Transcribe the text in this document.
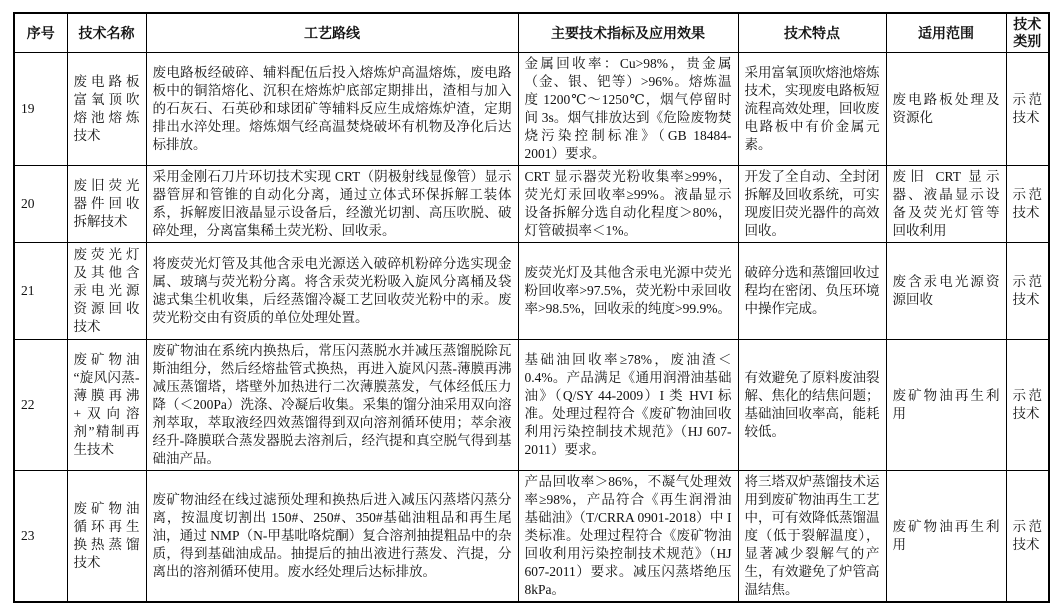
序号	技术名称	工艺路线	主要技术指标及应用效果	技术特点	适用范围	技术类别
19	废电路板富氧顶吹熔池熔炼技术	废电路板经破碎、辅料配伍后投入熔炼炉高温熔炼，废电路板中的铜箔熔化、沉积在熔炼炉底部定期排出，渣相与加入的石灰石、石英砂和球团矿等辅料反应生成熔炼炉渣，定期排出水淬处理。熔炼烟气经高温焚烧破坏有机物及净化后达标排放。	金属回收率：Cu>98%，贵金属（金、银、钯等）>96%。熔炼温度 1200℃～1250℃，烟气停留时间 3s。烟气排放达到《危险废物焚烧污染控制标准》（GB 18484-2001）要求。	采用富氧顶吹熔池熔炼技术，实现废电路板短流程高效处理，回收废电路板中有价金属元素。	废电路板处理及资源化	示范技术
20	废旧荧光器件回收拆解技术	采用金刚石刀片环切技术实现 CRT（阴极射线显像管）显示器管屏和管锥的自动化分离，通过立体式环保拆解工装体系，拆解废旧液晶显示设备后，经激光切割、高压吹脱、破碎处理，分离富集稀土荧光粉、回收汞。	CRT 显示器荧光粉收集率≥99%，荧光灯汞回收率≥99%。液晶显示设备拆解分选自动化程度＞80%，灯管破损率＜1%。	开发了全自动、全封闭拆解及回收系统，可实现废旧荧光器件的高效回收。	废旧 CRT 显示器、液晶显示设备及荧光灯管等回收利用	示范技术
21	废荧光灯及其他含汞电光源资源回收技术	将废荧光灯管及其他含汞电光源送入破碎机粉碎分选实现金属、玻璃与荧光粉分离。将含汞荧光粉吸入旋风分离桶及袋滤式集尘机收集，后经蒸馏冷凝工艺回收荧光粉中的汞。废荧光粉交由有资质的单位处理处置。	废荧光灯及其他含汞电光源中荧光粉回收率>97.5%，荧光粉中汞回收率>98.5%，回收汞的纯度>99.9%。	破碎分选和蒸馏回收过程均在密闭、负压环境中操作完成。	废含汞电光源资源回收	示范技术
22	废矿物油“旋风闪蒸-薄膜再沸+双向溶剂”精制再生技术	废矿物油在系统内换热后，常压闪蒸脱水并减压蒸馏脱除瓦斯油组分，然后经熔盐管式换热，再进入旋风闪蒸-薄膜再沸减压蒸馏塔，塔壁外加热进行二次薄膜蒸发，气体经低压力降（＜200Pa）洗涤、冷凝后收集。采集的馏分油采用双向溶剂萃取，萃取液经四效蒸馏得到双向溶剂循环使用；萃余液经升-降膜联合蒸发器脱去溶剂后，经汽提和真空脱气得到基础油产品。	基础油回收率≥78%，废油渣＜0.4%。产品满足《通用润滑油基础油》（Q/SY 44-2009）I 类 HVI 标准。处理过程符合《废矿物油回收利用污染控制技术规范》（HJ 607-2011）要求。	有效避免了原料废油裂解、焦化的结焦问题；基础油回收率高，能耗较低。	废矿物油再生利用	示范技术
23	废矿物油循环再生换热蒸馏技术	废矿物油经在线过滤预处理和换热后进入减压闪蒸塔闪蒸分离，按温度切割出 150#、250#、350#基础油粗品和再生尾油，通过 NMP（N-甲基吡咯烷酮）复合溶剂抽提粗品中的杂质，得到基础油成品。抽提后的抽出液进行蒸发、汽提，分离出的溶剂循环使用。废水经处理后达标排放。	产品回收率＞86%，不凝气处理效率≥98%，产品符合《再生润滑油基础油》（T/CRRA 0901-2018）中 I 类标准。处理过程符合《废矿物油回收利用污染控制技术规范》（HJ 607-2011）要求。减压闪蒸塔绝压 8kPa。	将三塔双炉蒸馏技术运用到废矿物油再生工艺中，可有效降低蒸馏温度（低于裂解温度），显著减少裂解气的产生，有效避免了炉管高温结焦。	废矿物油再生利用	示范技术
